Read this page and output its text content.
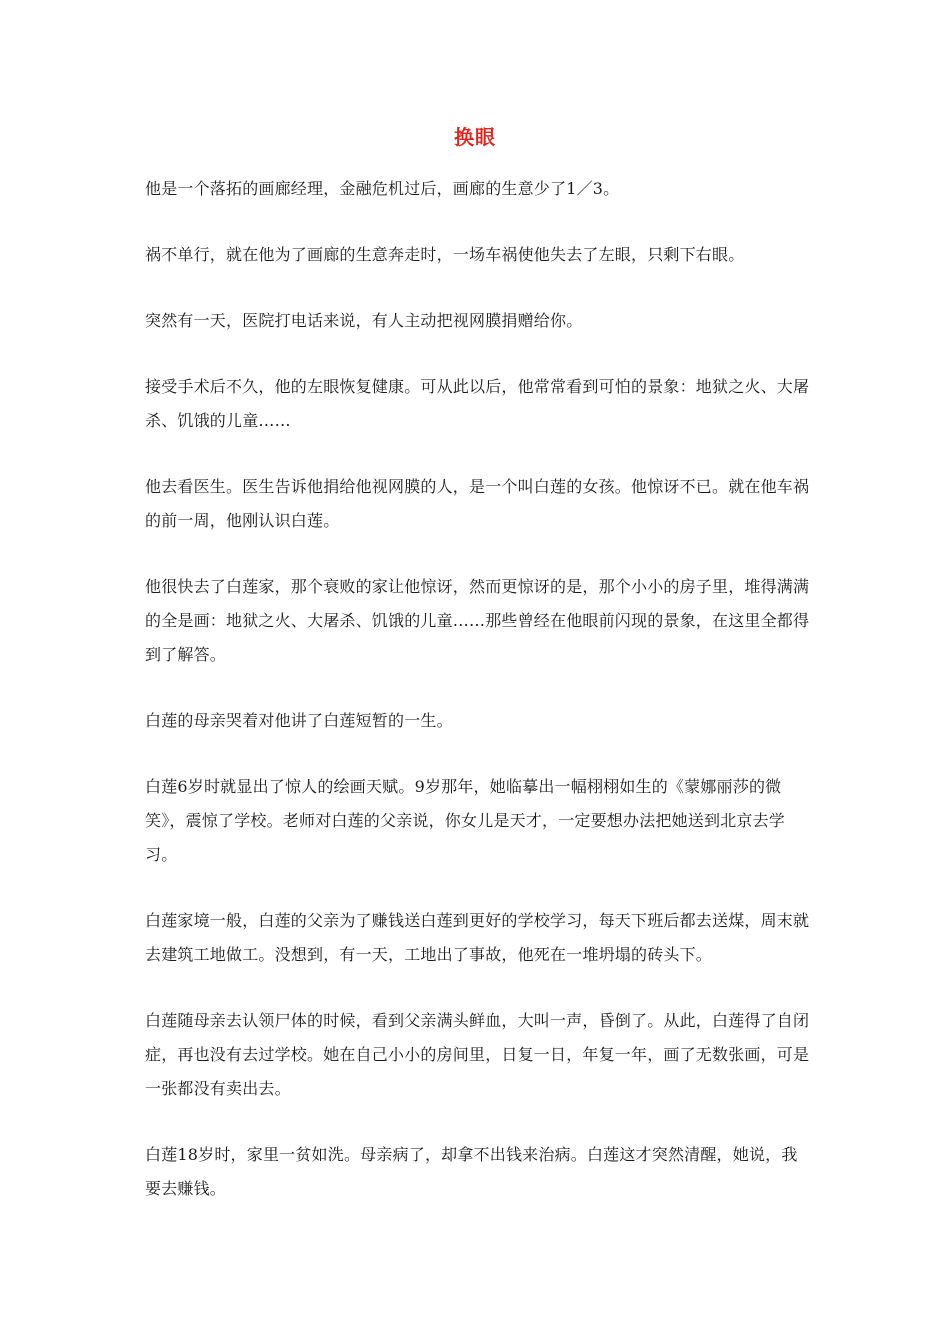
换眼

他是一个落拓的画廊经理，金融危机过后，画廊的生意少了1／3。

祸不单行，就在他为了画廊的生意奔走时，一场车祸使他失去了左眼，只剩下右眼。

突然有一天，医院打电话来说，有人主动把视网膜捐赠给你。

接受手术后不久，他的左眼恢复健康。可从此以后，他常常看到可怕的景象：地狱之火、大屠杀、饥饿的儿童……

他去看医生。医生告诉他捐给他视网膜的人，是一个叫白莲的女孩。他惊讶不已。就在他车祸的前一周，他刚认识白莲。

他很快去了白莲家，那个衰败的家让他惊讶，然而更惊讶的是，那个小小的房子里，堆得满满的全是画：地狱之火、大屠杀、饥饿的儿童……那些曾经在他眼前闪现的景象，在这里全都得到了解答。

白莲的母亲哭着对他讲了白莲短暂的一生。

白莲6岁时就显出了惊人的绘画天赋。9岁那年，她临摹出一幅栩栩如生的《蒙娜丽莎的微笑》，震惊了学校。老师对白莲的父亲说，你女儿是天才，一定要想办法把她送到北京去学习。

白莲家境一般，白莲的父亲为了赚钱送白莲到更好的学校学习，每天下班后都去送煤，周末就去建筑工地做工。没想到，有一天，工地出了事故，他死在一堆坍塌的砖头下。

白莲随母亲去认领尸体的时候，看到父亲满头鲜血，大叫一声，昏倒了。从此，白莲得了自闭症，再也没有去过学校。她在自己小小的房间里，日复一日，年复一年，画了无数张画，可是一张都没有卖出去。

白莲18岁时，家里一贫如洗。母亲病了，却拿不出钱来治病。白莲这才突然清醒，她说，我要去赚钱。
